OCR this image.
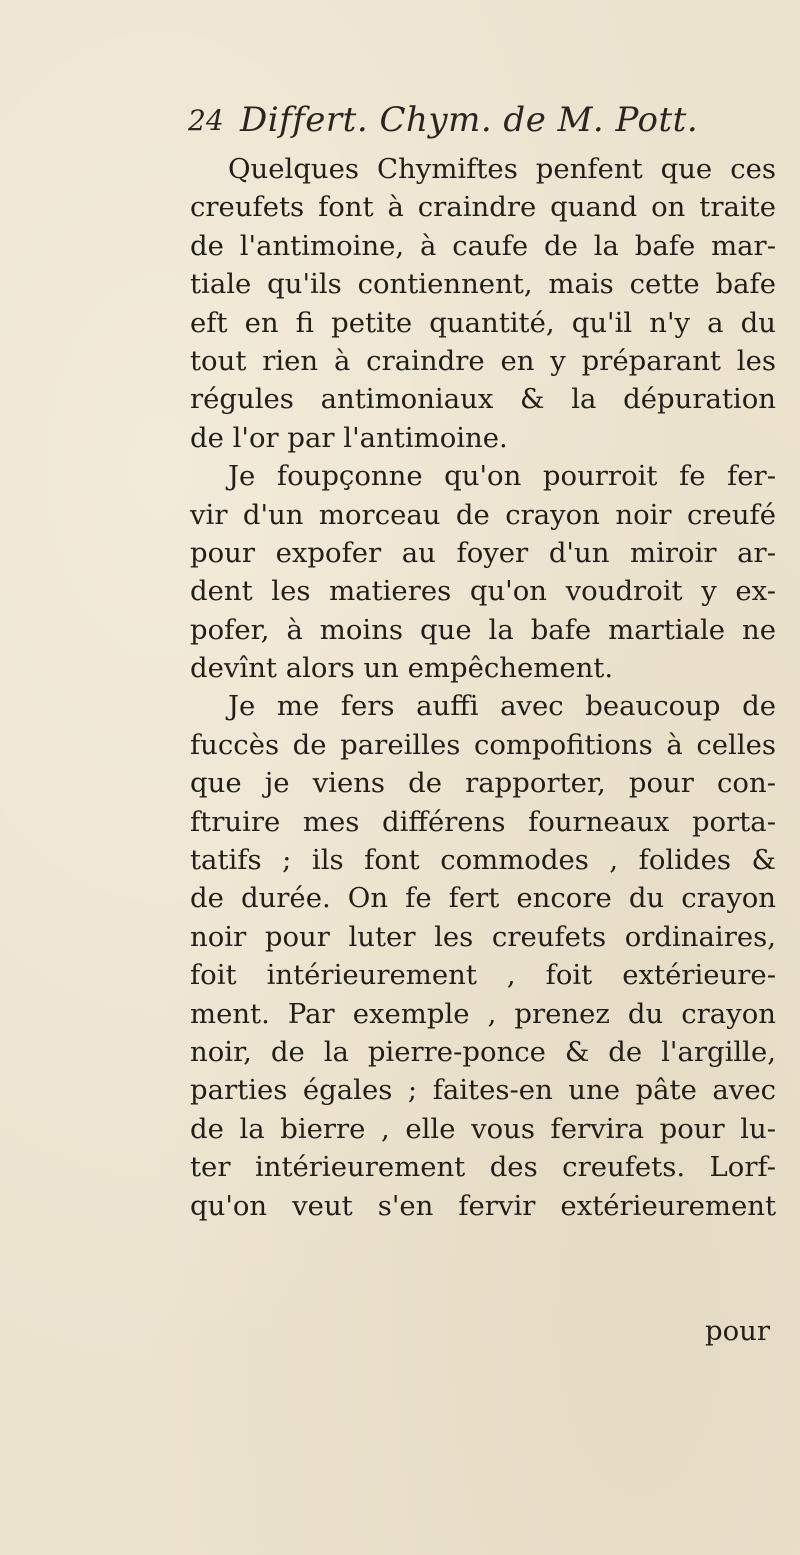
24 Differt. Chym. de M. Pott.
Quelques Chymiftes penfent que ces
creufets font à craindre quand on traite
de l'antimoine, à caufe de la bafe mar-
tiale qu'ils contiennent, mais cette bafe
eft en fi petite quantité, qu'il n'y a du
tout rien à craindre en y préparant les
régules antimoniaux & la dépuration
de l'or par l'antimoine.
Je foupçonne qu'on pourroit fe fer-
vir d'un morceau de crayon noir creufé
pour expofer au foyer d'un miroir ar-
dent les matieres qu'on voudroit y ex-
pofer, à moins que la bafe martiale ne
devînt alors un empêchement.
Je me fers auffi avec beaucoup de
fuccès de pareilles compofitions à celles
que je viens de rapporter, pour con-
ftruire mes différens fourneaux porta-
tatifs ; ils font commodes , folides &
de durée. On fe fert encore du crayon
noir pour luter les creufets ordinaires,
foit intérieurement , foit extérieure-
ment. Par exemple , prenez du crayon
noir, de la pierre-ponce & de l'argille,
parties égales ; faites-en une pâte avec
de la bierre , elle vous fervira pour lu-
ter intérieurement des creufets. Lorf-
qu'on veut s'en fervir extérieurement
pour
